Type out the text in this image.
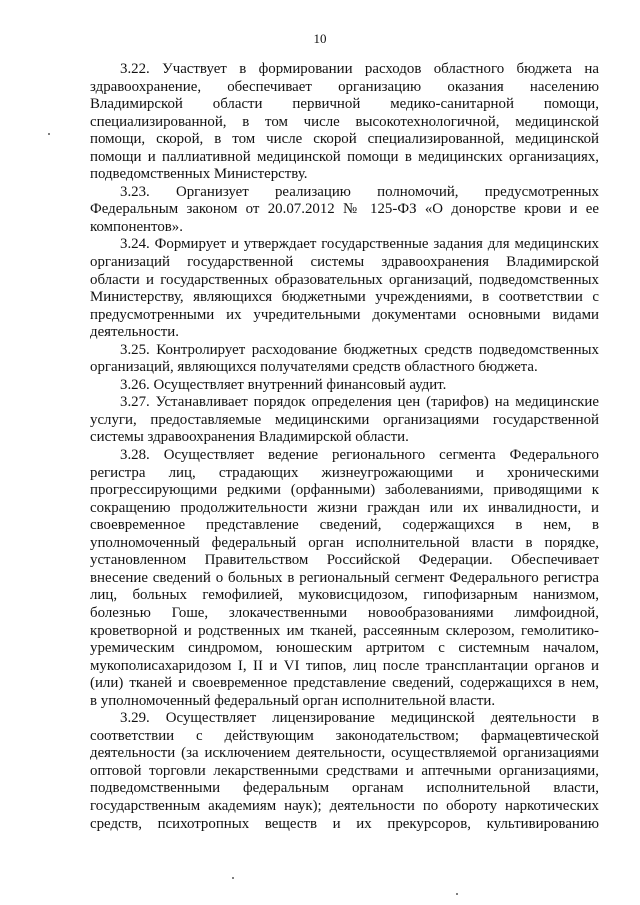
10
3.22. Участвует в формировании расходов областного бюджета на
здравоохранение, обеспечивает организацию оказания населению
Владимирской области первичной медико-санитарной помощи,
специализированной, в том числе высокотехнологичной, медицинской
помощи, скорой, в том числе скорой специализированной, медицинской
помощи и паллиативной медицинской помощи в медицинских организациях,
подведомственных Министерству.
3.23. Организует реализацию полномочий, предусмотренных
Федеральным законом от 20.07.2012 № 125-ФЗ «О донорстве крови и ее
компонентов».
3.24. Формирует и утверждает государственные задания для медицинских
организаций государственной системы здравоохранения Владимирской
области и государственных образовательных организаций, подведомственных
Министерству, являющихся бюджетными учреждениями, в соответствии с
предусмотренными их учредительными документами основными видами
деятельности.
3.25. Контролирует расходование бюджетных средств подведомственных
организаций, являющихся получателями средств областного бюджета.
3.26. Осуществляет внутренний финансовый аудит.
3.27. Устанавливает порядок определения цен (тарифов) на медицинские
услуги, предоставляемые медицинскими организациями государственной
системы здравоохранения Владимирской области.
3.28. Осуществляет ведение регионального сегмента Федерального
регистра лиц, страдающих жизнеугрожающими и хроническими
прогрессирующими редкими (орфанными) заболеваниями, приводящими к
сокращению продолжительности жизни граждан или их инвалидности, и
своевременное представление сведений, содержащихся в нем, в
уполномоченный федеральный орган исполнительной власти в порядке,
установленном Правительством Российской Федерации. Обеспечивает
внесение сведений о больных в региональный сегмент Федерального регистра
лиц, больных гемофилией, муковисцидозом, гипофизарным нанизмом,
болезнью Гоше, злокачественными новообразованиями лимфоидной,
кроветворной и родственных им тканей, рассеянным склерозом, гемолитико-
уремическим синдромом, юношеским артритом с системным началом,
мукополисахаридозом I, II и VI типов, лиц после трансплантации органов и
(или) тканей и своевременное представление сведений, содержащихся в нем,
в уполномоченный федеральный орган исполнительной власти.
3.29. Осуществляет лицензирование медицинской деятельности в
соответствии с действующим законодательством; фармацевтической
деятельности (за исключением деятельности, осуществляемой организациями
оптовой торговли лекарственными средствами и аптечными организациями,
подведомственными федеральным органам исполнительной власти,
государственным академиям наук); деятельности по обороту наркотических
средств, психотропных веществ и их прекурсоров, культивированию
